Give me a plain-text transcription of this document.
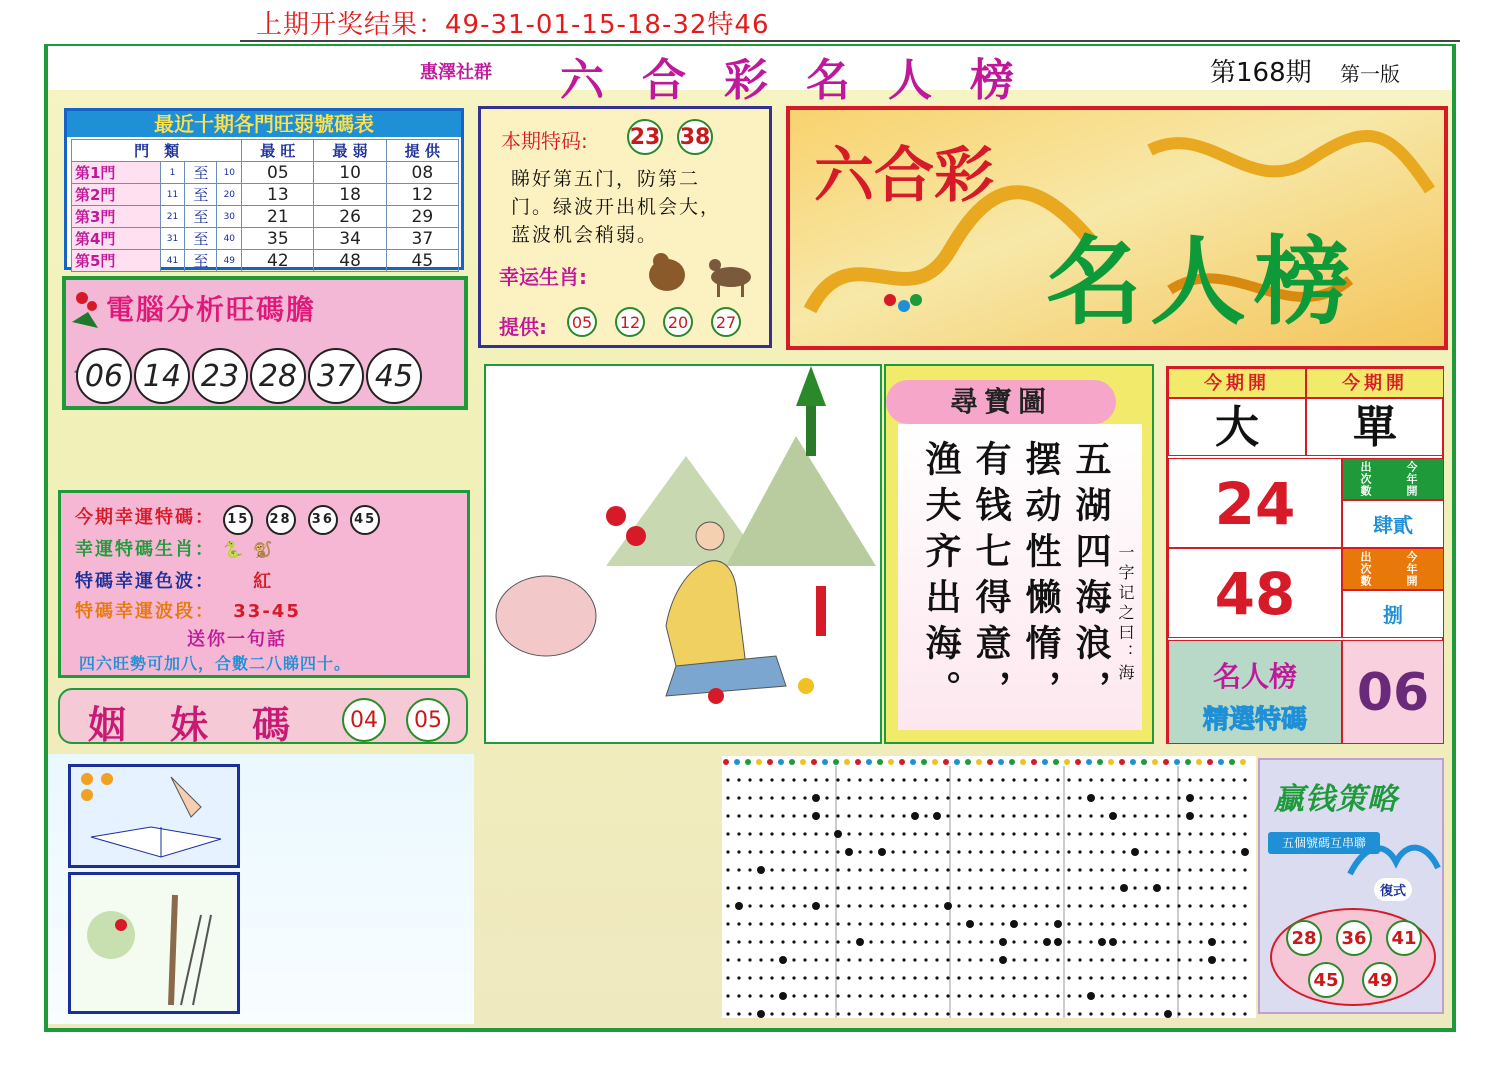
上期开奖结果：49-31-01-15-18-32特46
惠澤社群 六合彩名人榜	第168期 第一版
最近十期各門旺弱號碼表
門　類				最 旺	最 弱	提 供
第1門	1	至	10	05	10	08
第2門	11	至	20	13	18	12
第3門	21	至	30	21	26	29
第4門	31	至	40	35	34	37
第5門	41	至	49	42	48	45
電腦分析旺碼膽
06 14 23 28 37 45
本期特码: 23 38
睇好第五门，防第二
门。绿波开出机会大，
蓝波机会稍弱。
幸运生肖:
提供:	05	12	20	27
六合彩
名人榜
今期幸運特碼： 15 28 36 45
幸運特碼生肖： 🐍 🐒
特碼幸運色波： 紅
特碼幸運波段： 33-45
送你一句話
四六旺勢可加八，合數二八睇四十。
姻妹碼 04	05
五湖四海浪，
摆动性懒惰，
有钱七得意，
渔夫齐出海。	一字记之曰：海
尋寶圖
今期開	今期開
大	單
24	出次數	今年開
肆貳
48	出次數	今年開
捌
名人榜
精選特碼 06
贏钱策略
五個號碼互串聯
復式
28	36	41
45	49
